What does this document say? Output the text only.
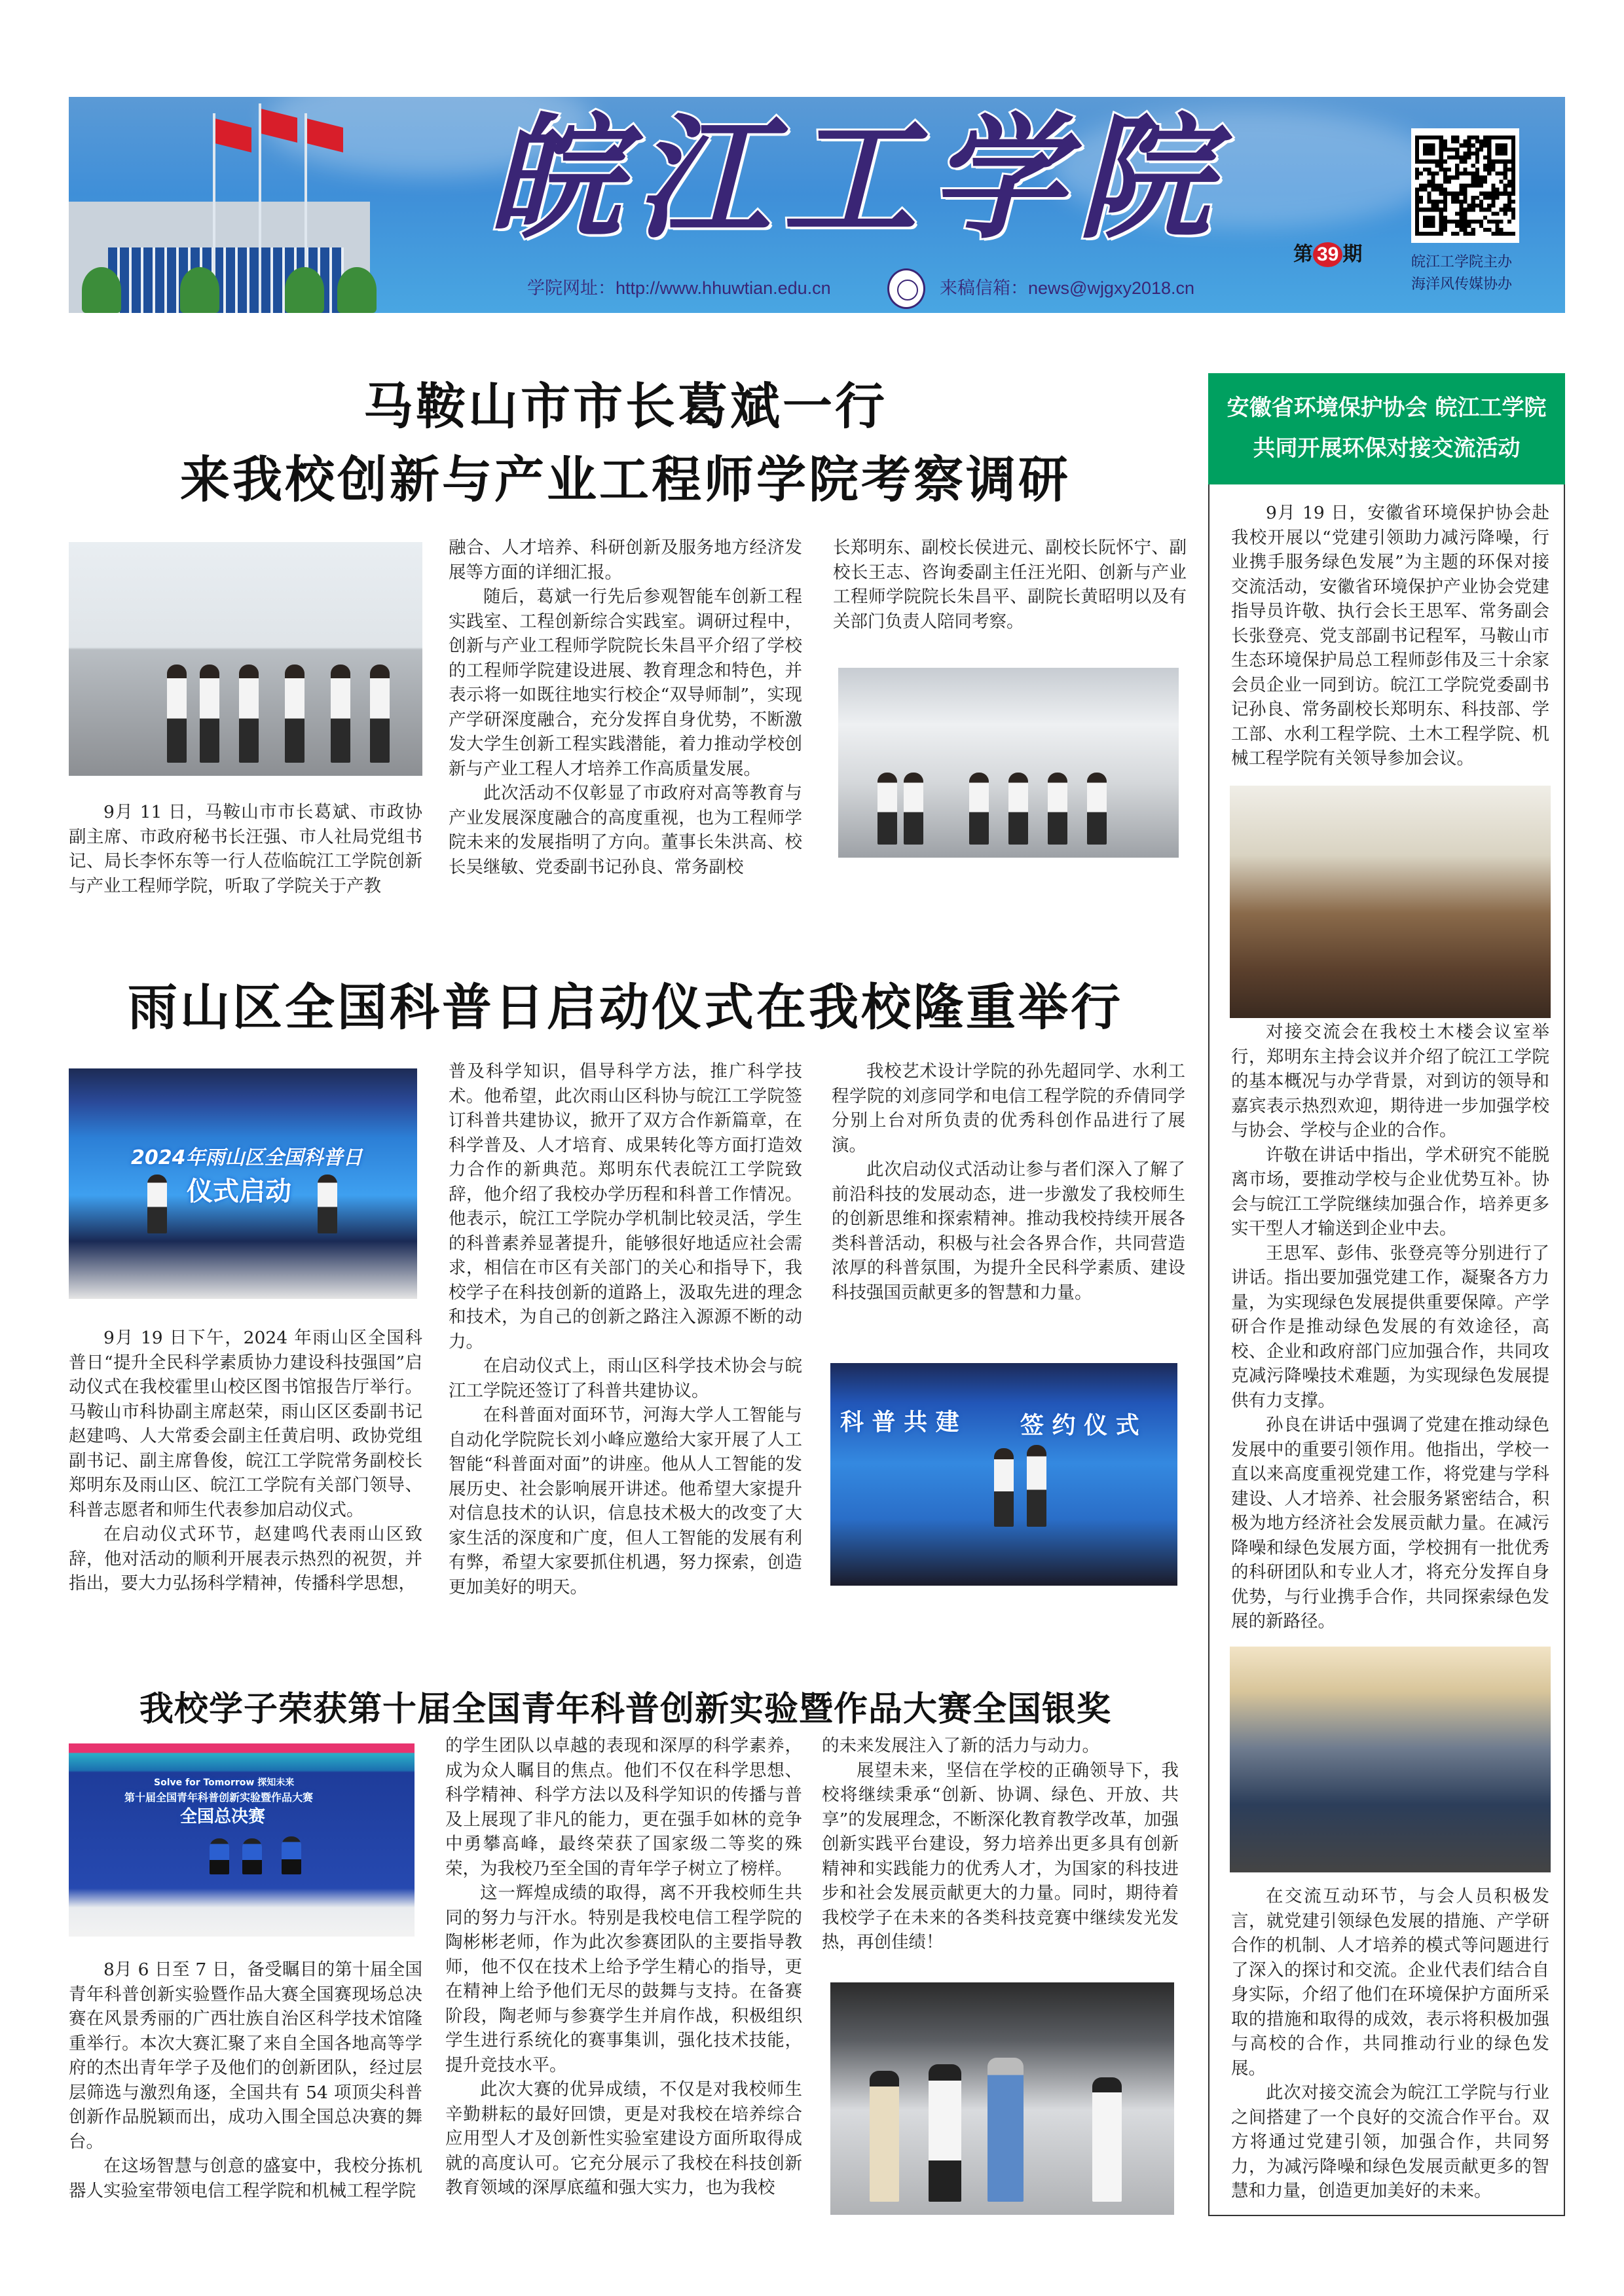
皖江工学院
学院网址：http://www.hhuwtian.edu.cn	来稿信箱：news@wjgxy2018.cn
第 39 期	皖江工学院主办
海洋风传媒协办
马鞍山市市长葛斌一行
来我校创新与产业工程师学院考察调研

9月 11 日，马鞍山市市长葛斌、市政协副主席、市政府秘书长汪强、市人社局党组书记、局长李怀东等一行人莅临皖江工学院创新与产业工程师学院，听取了学院关于产教

融合、人才培养、科研创新及服务地方经济发展等方面的详细汇报。

随后，葛斌一行先后参观智能车创新工程实践室、工程创新综合实践室。调研过程中，创新与产业工程师学院院长朱昌平介绍了学校的工程师学院建设进展、教育理念和特色，并表示将一如既往地实行校企“双导师制”，实现产学研深度融合，充分发挥自身优势，不断激发大学生创新工程实践潜能，着力推动学校创新与产业工程人才培养工作高质量发展。

此次活动不仅彰显了市政府对高等教育与产业发展深度融合的高度重视，也为工程师学院未来的发展指明了方向。董事长朱洪高、校长吴继敏、党委副书记孙良、常务副校

长郑明东、副校长侯进元、副校长阮怀宁、副校长王志、咨询委副主任汪光阳、创新与产业工程师学院院长朱昌平、副院长黄昭明以及有关部门负责人陪同考察。

雨山区全国科普日启动仪式在我校隆重举行
2024年雨山区全国科普日
仪式启动

9月 19 日下午，2024 年雨山区全国科普日“提升全民科学素质协力建设科技强国”启动仪式在我校霍里山校区图书馆报告厅举行。马鞍山市科协副主席赵荣，雨山区区委副书记赵建鸣、人大常委会副主任黄启明、政协党组副书记、副主席鲁俊，皖江工学院常务副校长郑明东及雨山区、皖江工学院有关部门领导、科普志愿者和师生代表参加启动仪式。

在启动仪式环节，赵建鸣代表雨山区致辞，他对活动的顺利开展表示热烈的祝贺，并指出，要大力弘扬科学精神，传播科学思想，

普及科学知识，倡导科学方法，推广科学技术。他希望，此次雨山区科协与皖江工学院签订科普共建协议，掀开了双方合作新篇章，在科学普及、人才培育、成果转化等方面打造效力合作的新典范。郑明东代表皖江工学院致辞，他介绍了我校办学历程和科普工作情况。他表示，皖江工学院办学机制比较灵活，学生的科普素养显著提升，能够很好地适应社会需求，相信在市区有关部门的关心和指导下，我校学子在科技创新的道路上，汲取先进的理念和技术，为自己的创新之路注入源源不断的动力。

在启动仪式上，雨山区科学技术协会与皖江工学院还签订了科普共建协议。

在科普面对面环节，河海大学人工智能与自动化学院院长刘小峰应邀给大家开展了人工智能“科普面对面”的讲座。他从人工智能的发展历史、社会影响展开讲述。他希望大家提升对信息技术的认识，信息技术极大的改变了大家生活的深度和广度，但人工智能的发展有利有弊，希望大家要抓住机遇，努力探索，创造更加美好的明天。

我校艺术设计学院的孙先超同学、水利工程学院的刘彦同学和电信工程学院的乔倩同学分别上台对所负责的优秀科创作品进行了展演。

此次启动仪式活动让参与者们深入了解了前沿科技的发展动态，进一步激发了我校师生的创新思维和探索精神。推动我校持续开展各类科普活动，积极与社会各界合作，共同营造浓厚的科普氛围，为提升全民科学素质、建设科技强国贡献更多的智慧和力量。

科 普 共 建	签 约 仪 式
我校学子荣获第十届全国青年科普创新实验暨作品大赛全国银奖
Solve for Tomorrow 探知未来
第十届全国青年科普创新实验暨作品大赛
全国总决赛

8月 6 日至 7 日，备受瞩目的第十届全国青年科普创新实验暨作品大赛全国赛现场总决赛在风景秀丽的广西壮族自治区科学技术馆隆重举行。本次大赛汇聚了来自全国各地高等学府的杰出青年学子及他们的创新团队，经过层层筛选与激烈角逐，全国共有 54 项顶尖科普创新作品脱颖而出，成功入围全国总决赛的舞台。

在这场智慧与创意的盛宴中，我校分拣机器人实验室带领电信工程学院和机械工程学院

的学生团队以卓越的表现和深厚的科学素养，成为众人瞩目的焦点。他们不仅在科学思想、科学精神、科学方法以及科学知识的传播与普及上展现了非凡的能力，更在强手如林的竞争中勇攀高峰，最终荣获了国家级二等奖的殊荣，为我校乃至全国的青年学子树立了榜样。

这一辉煌成绩的取得，离不开我校师生共同的努力与汗水。特别是我校电信工程学院的陶彬彬老师，作为此次参赛团队的主要指导教师，他不仅在技术上给予学生精心的指导，更在精神上给予他们无尽的鼓舞与支持。在备赛阶段，陶老师与参赛学生并肩作战，积极组织学生进行系统化的赛事集训，强化技术技能，提升竞技水平。

此次大赛的优异成绩，不仅是对我校师生辛勤耕耘的最好回馈，更是对我校在培养综合应用型人才及创新性实验室建设方面所取得成就的高度认可。它充分展示了我校在科技创新教育领域的深厚底蕴和强大实力，也为我校

的未来发展注入了新的活力与动力。

展望未来，坚信在学校的正确领导下，我校将继续秉承“创新、协调、绿色、开放、共享”的发展理念，不断深化教育教学改革，加强创新实践平台建设，努力培养出更多具有创新精神和实践能力的优秀人才，为国家的科技进步和社会发展贡献更大的力量。同时，期待着我校学子在未来的各类科技竞赛中继续发光发热，再创佳绩！

安徽省环境保护协会 皖江工学院
共同开展环保对接交流活动

9月 19 日，安徽省环境保护协会赴我校开展以“党建引领助力减污降噪，行业携手服务绿色发展”为主题的环保对接交流活动，安徽省环境保护产业协会党建指导员许敬、执行会长王思军、常务副会长张登亮、党支部副书记程军，马鞍山市生态环境保护局总工程师彭伟及三十余家会员企业一同到访。皖江工学院党委副书记孙良、常务副校长郑明东、科技部、学工部、水利工程学院、土木工程学院、机械工程学院有关领导参加会议。

对接交流会在我校土木楼会议室举行，郑明东主持会议并介绍了皖江工学院的基本概况与办学背景，对到访的领导和嘉宾表示热烈欢迎，期待进一步加强学校与协会、学校与企业的合作。

许敬在讲话中指出，学术研究不能脱离市场，要推动学校与企业优势互补。协会与皖江工学院继续加强合作，培养更多实干型人才输送到企业中去。

王思军、彭伟、张登亮等分别进行了讲话。指出要加强党建工作，凝聚各方力量，为实现绿色发展提供重要保障。产学研合作是推动绿色发展的有效途径，高校、企业和政府部门应加强合作，共同攻克减污降噪技术难题，为实现绿色发展提供有力支撑。

孙良在讲话中强调了党建在推动绿色发展中的重要引领作用。他指出，学校一直以来高度重视党建工作，将党建与学科建设、人才培养、社会服务紧密结合，积极为地方经济社会发展贡献力量。在减污降噪和绿色发展方面，学校拥有一批优秀的科研团队和专业人才，将充分发挥自身优势，与行业携手合作，共同探索绿色发展的新路径。

在交流互动环节，与会人员积极发言，就党建引领绿色发展的措施、产学研合作的机制、人才培养的模式等问题进行了深入的探讨和交流。企业代表们结合自身实际，介绍了他们在环境保护方面所采取的措施和取得的成效，表示将积极加强与高校的合作，共同推动行业的绿色发展。

此次对接交流会为皖江工学院与行业之间搭建了一个良好的交流合作平台。双方将通过党建引领，加强合作，共同努力，为减污降噪和绿色发展贡献更多的智慧和力量，创造更加美好的未来。
